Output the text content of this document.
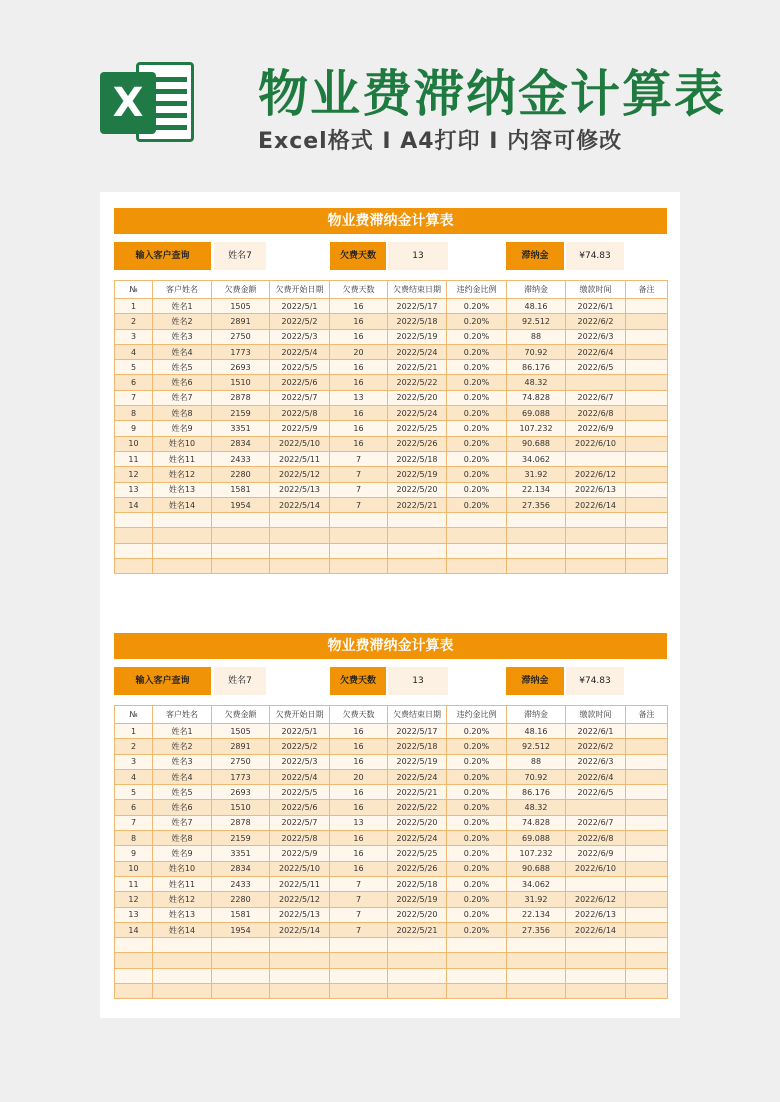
X 物业费滞纳金计算表
Excel格式 I A4打印 I 内容可修改
物业费滞纳金计算表
输入客户查询	姓名7	欠费天数	13	滞纳金	¥74.83
№	客户姓名	欠费金额	欠费开始日期	欠费天数	欠费结束日期	违约金比例	滞纳金	缴款时间	备注
1	姓名1	1505	2022/5/1	16	2022/5/17	0.20%	48.16	2022/6/1	
2	姓名2	2891	2022/5/2	16	2022/5/18	0.20%	92.512	2022/6/2	
3	姓名3	2750	2022/5/3	16	2022/5/19	0.20%	88	2022/6/3	
4	姓名4	1773	2022/5/4	20	2022/5/24	0.20%	70.92	2022/6/4	
5	姓名5	2693	2022/5/5	16	2022/5/21	0.20%	86.176	2022/6/5	
6	姓名6	1510	2022/5/6	16	2022/5/22	0.20%	48.32		
7	姓名7	2878	2022/5/7	13	2022/5/20	0.20%	74.828	2022/6/7	
8	姓名8	2159	2022/5/8	16	2022/5/24	0.20%	69.088	2022/6/8	
9	姓名9	3351	2022/5/9	16	2022/5/25	0.20%	107.232	2022/6/9	
10	姓名10	2834	2022/5/10	16	2022/5/26	0.20%	90.688	2022/6/10	
11	姓名11	2433	2022/5/11	7	2022/5/18	0.20%	34.062		
12	姓名12	2280	2022/5/12	7	2022/5/19	0.20%	31.92	2022/6/12	
13	姓名13	1581	2022/5/13	7	2022/5/20	0.20%	22.134	2022/6/13	
14	姓名14	1954	2022/5/14	7	2022/5/21	0.20%	27.356	2022/6/14	

物业费滞纳金计算表
输入客户查询	姓名7	欠费天数	13	滞纳金	¥74.83
№	客户姓名	欠费金额	欠费开始日期	欠费天数	欠费结束日期	违约金比例	滞纳金	缴款时间	备注
1	姓名1	1505	2022/5/1	16	2022/5/17	0.20%	48.16	2022/6/1	
2	姓名2	2891	2022/5/2	16	2022/5/18	0.20%	92.512	2022/6/2	
3	姓名3	2750	2022/5/3	16	2022/5/19	0.20%	88	2022/6/3	
4	姓名4	1773	2022/5/4	20	2022/5/24	0.20%	70.92	2022/6/4	
5	姓名5	2693	2022/5/5	16	2022/5/21	0.20%	86.176	2022/6/5	
6	姓名6	1510	2022/5/6	16	2022/5/22	0.20%	48.32		
7	姓名7	2878	2022/5/7	13	2022/5/20	0.20%	74.828	2022/6/7	
8	姓名8	2159	2022/5/8	16	2022/5/24	0.20%	69.088	2022/6/8	
9	姓名9	3351	2022/5/9	16	2022/5/25	0.20%	107.232	2022/6/9	
10	姓名10	2834	2022/5/10	16	2022/5/26	0.20%	90.688	2022/6/10	
11	姓名11	2433	2022/5/11	7	2022/5/18	0.20%	34.062		
12	姓名12	2280	2022/5/12	7	2022/5/19	0.20%	31.92	2022/6/12	
13	姓名13	1581	2022/5/13	7	2022/5/20	0.20%	22.134	2022/6/13	
14	姓名14	1954	2022/5/14	7	2022/5/21	0.20%	27.356	2022/6/14	
